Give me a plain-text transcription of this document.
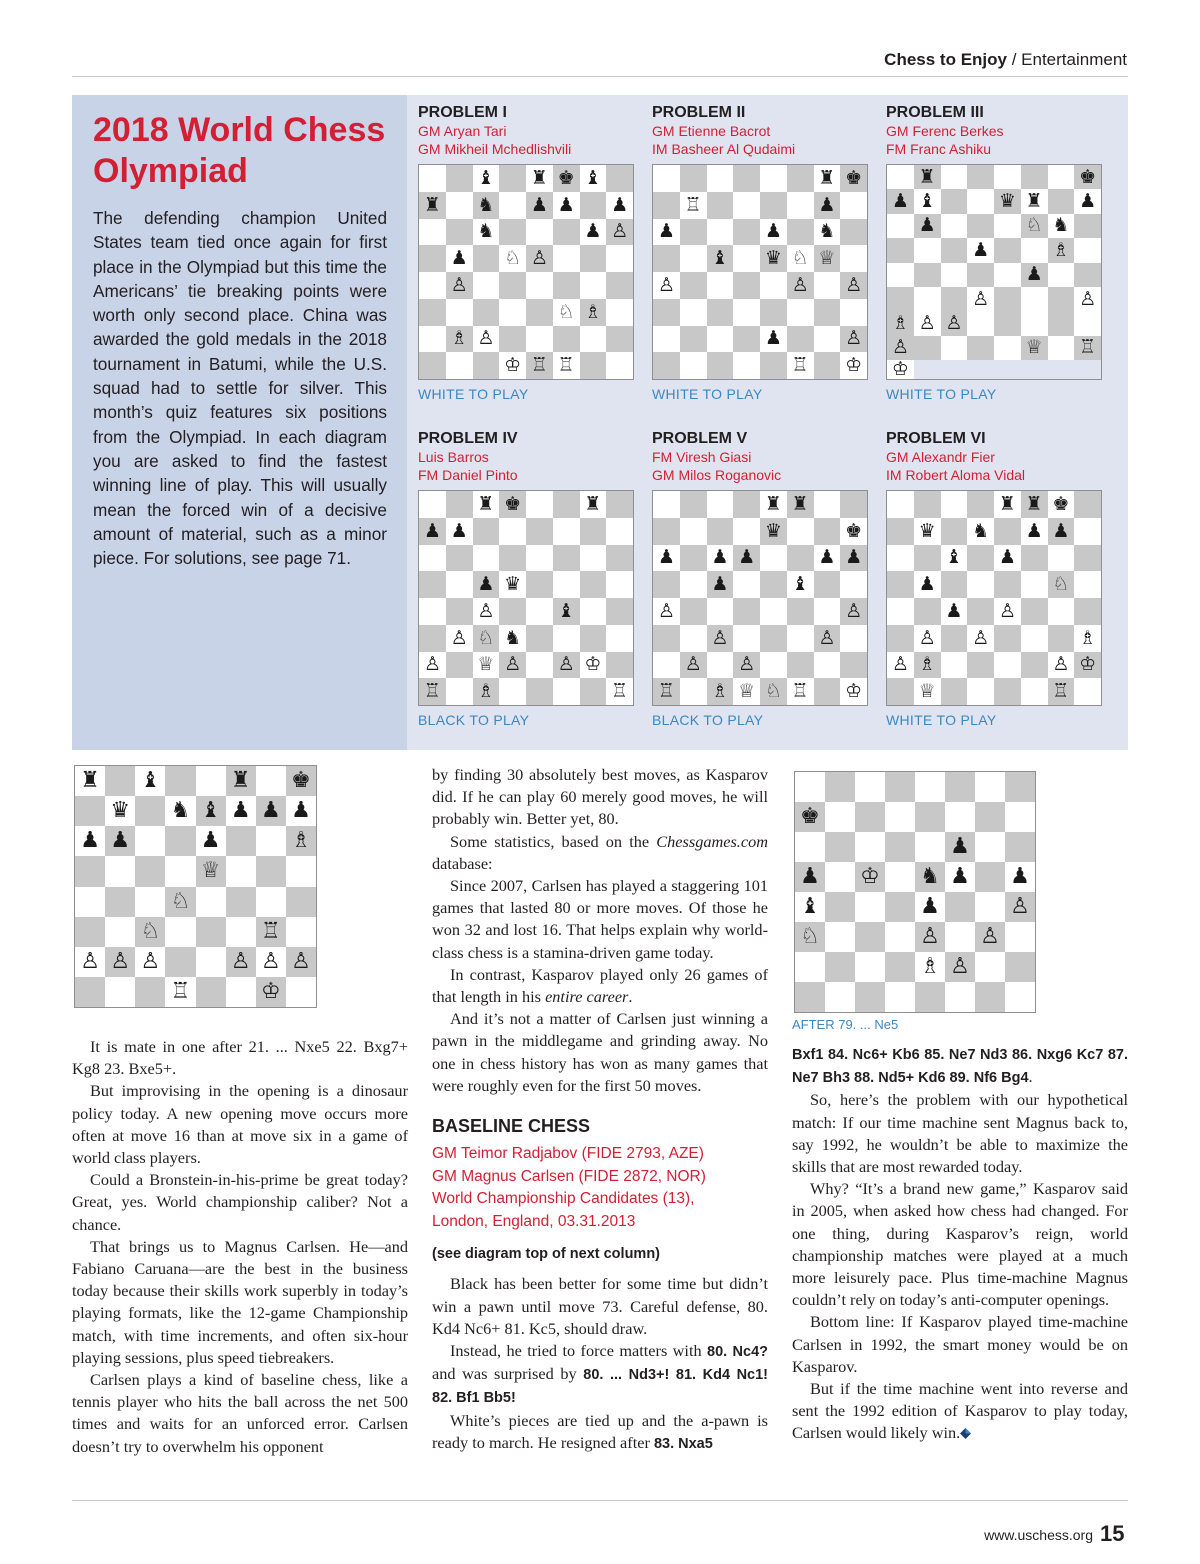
Chess to Enjoy / Entertainment
2018 World Chess Olympiad
The defending champion United States team tied once again for first place in the Olympiad but this time the Americans’ tie breaking points were worth only second place. China was awarded the gold medals in the 2018 tournament in Batumi, while the U.S. squad had to settle for silver. This month’s quiz features six positions from the Olympiad. In each diagram you are asked to find the fastest winning line of play. This will usually mean the forced win of a decisive amount of material, such as a minor piece. For solutions, see page 71.
PROBLEM I
GM Aryan Tari
GM Mikheil Mchedlishvili
♝ ♜ ♚ ♝
♜ ♞ ♟ ♟ ♟
♞	♟ ♙
♟ ♘ ♙
♙
♘ ♗
♗ ♙
♔ ♖ ♖
WHITE TO PLAY
PROBLEM II
GM Etienne Bacrot
IM Basheer Al Qudaimi
♜ ♚
♖	♟
♟	♟ ♞
♝ ♛ ♘ ♕
♙	♙ ♙
♟	♙
♖ ♔
WHITE TO PLAY
PROBLEM III
GM Ferenc Berkes
FM Franc Ashiku
♜	♚
♟ ♝	♛ ♜ ♟
♟	♘ ♞
♟	♗
♟
♙	♙
♗ ♙ ♙
♙	♕ ♖
♔
WHITE TO PLAY
PROBLEM IV
Luis Barros
FM Daniel Pinto
♜ ♚	♜
♟ ♟
♟ ♛
♙	♝
♙ ♘ ♞
♙ ♕ ♙ ♙ ♔
♖ ♗	♖
BLACK TO PLAY
PROBLEM V
FM Viresh Giasi
GM Milos Roganovic
♜ ♜
♛	♚
♟ ♟ ♟	♟ ♟
♟	♝
♙	♙
♙	♙
♙ ♙
♖ ♗ ♕ ♘ ♖ ♔
BLACK TO PLAY
PROBLEM VI
GM Alexandr Fier
IM Robert Aloma Vidal
♜ ♜ ♚
♛ ♞ ♟ ♟
♝ ♟
♟	♘
♟ ♙
♙ ♙	♗
♙ ♗	♙ ♔
♕	♖
WHITE TO PLAY
♜ ♝	♜ ♚
♛ ♞ ♝ ♟ ♟ ♟
♟ ♟	♟	♗
♕
♘
♘	♖
♙ ♙ ♙	♙ ♙ ♙
♖	♔

It is mate in one after 21. ... Nxe5 22. Bxg7+ Kg8 23. Bxe5+.

But improvising in the opening is a dinosaur policy today. A new opening move occurs more often at move 16 than at move six in a game of world class players.

Could a Bronstein-in-his-prime be great today? Great, yes. World championship caliber? Not a chance.

That brings us to Magnus Carlsen. He—and Fabiano Caruana—are the best in the business today because their skills work superbly in today’s playing formats, like the 12-game Championship match, with time increments, and often six-hour playing sessions, plus speed tiebreakers.

Carlsen plays a kind of baseline chess, like a tennis player who hits the ball across the net 500 times and waits for an unforced error. Carlsen doesn’t try to overwhelm his opponent

by finding 30 absolutely best moves, as Kasparov did. If he can play 60 merely good moves, he will probably win. Better yet, 80.

Some statistics, based on the Chessgames.com database:

Since 2007, Carlsen has played a staggering 101 games that lasted 80 or more moves. Of those he won 32 and lost 16. That helps explain why world-class chess is a stamina-driven game today.

In contrast, Kasparov played only 26 games of that length in his entire career.

And it’s not a matter of Carlsen just winning a pawn in the middlegame and grinding away. No one in chess history has won as many games that were roughly even for the first 50 moves.

BASELINE CHESS
GM Teimor Radjabov (FIDE 2793, AZE)
GM Magnus Carlsen (FIDE 2872, NOR)
World Championship Candidates (13),
London, England, 03.31.2013
(see diagram top of next column)

Black has been better for some time but didn’t win a pawn until move 73. Careful defense, 80. Kd4 Nc6+ 81. Kc5, should draw.

Instead, he tried to force matters with 80. Nc4? and was surprised by 80. ... Nd3+! 81. Kd4 Nc1! 82. Bf1 Bb5!

White’s pieces are tied up and the a-pawn is ready to march. He resigned after 83. Nxa5

♚
♟
♟ ♔ ♞ ♟ ♟
♝	♟	♙
♘	♙ ♙
♗ ♙
AFTER 79. ... Ne5

Bxf1 84. Nc6+ Kb6 85. Ne7 Nd3 86. Nxg6 Kc7 87. Ne7 Bh3 88. Nd5+ Kd6 89. Nf6 Bg4.

So, here’s the problem with our hypothetical match: If our time machine sent Magnus back to, say 1992, he wouldn’t be able to maximize the skills that are most rewarded today.

Why? “It’s a brand new game,” Kasparov said in 2005, when asked how chess had changed. For one thing, during Kasparov’s reign, world championship matches were played at a much more leisurely pace. Plus time-machine Magnus couldn’t rely on today’s anti-computer openings.

Bottom line: If Kasparov played time-machine Carlsen in 1992, the smart money would be on Kasparov.

But if the time machine went into reverse and sent the 1992 edition of Kasparov to play today, Carlsen would likely win.

www.uschess.org 15
